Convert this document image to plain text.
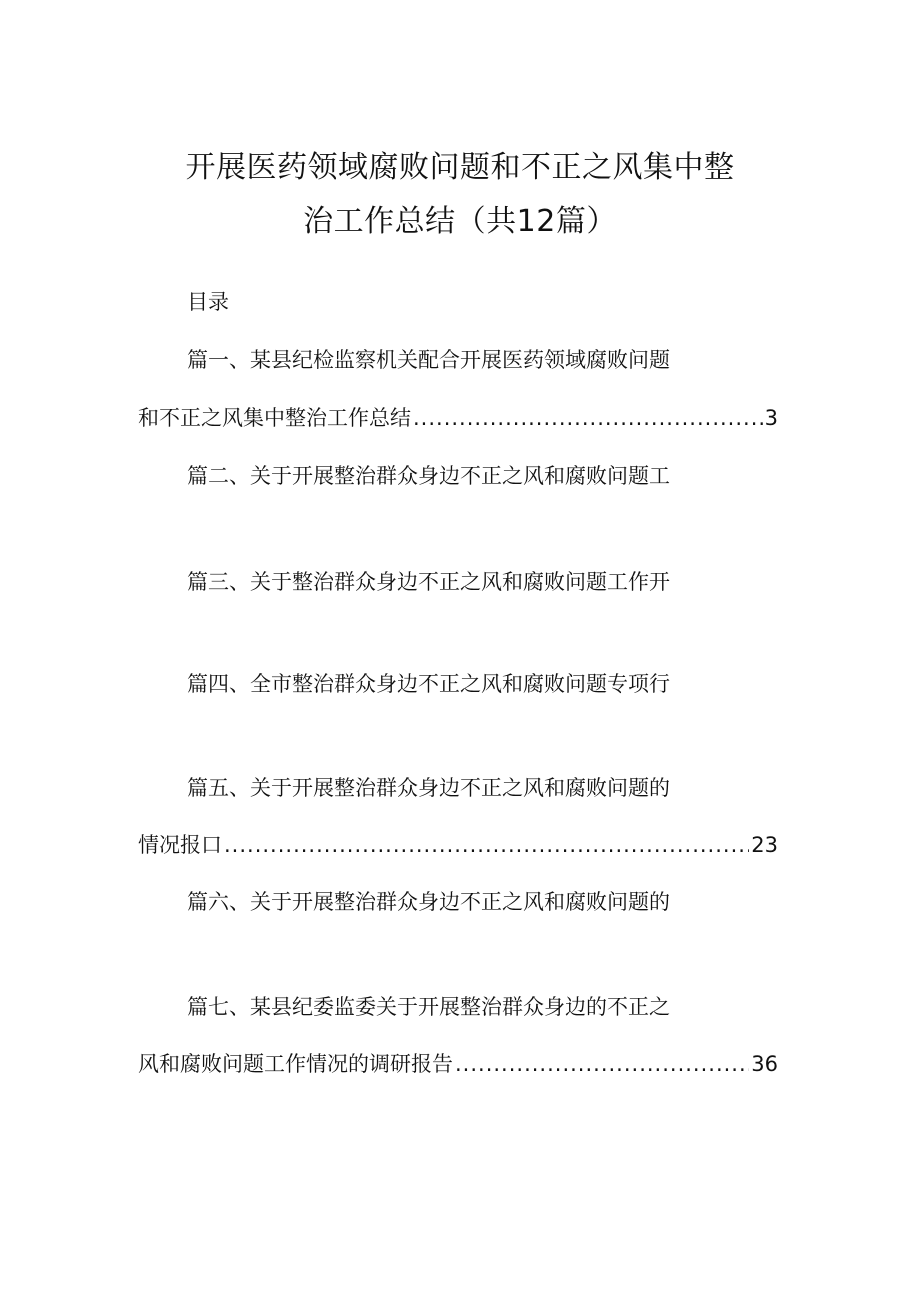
开展医药领域腐败问题和不正之风集中整
治工作总结（共12篇）
目录
篇一、某县纪检监察机关配合开展医药领域腐败问题
和不正之风集中整治工作总结 .....	3
篇二、关于开展整治群众身边不正之风和腐败问题工
篇三、关于整治群众身边不正之风和腐败问题工作开
篇四、全市整治群众身边不正之风和腐败问题专项行
篇五、关于开展整治群众身边不正之风和腐败问题的
情况报口 .....	23
篇六、关于开展整治群众身边不正之风和腐败问题的
篇七、某县纪委监委关于开展整治群众身边的不正之
风和腐败问题工作情况的调研报告 .....	36
